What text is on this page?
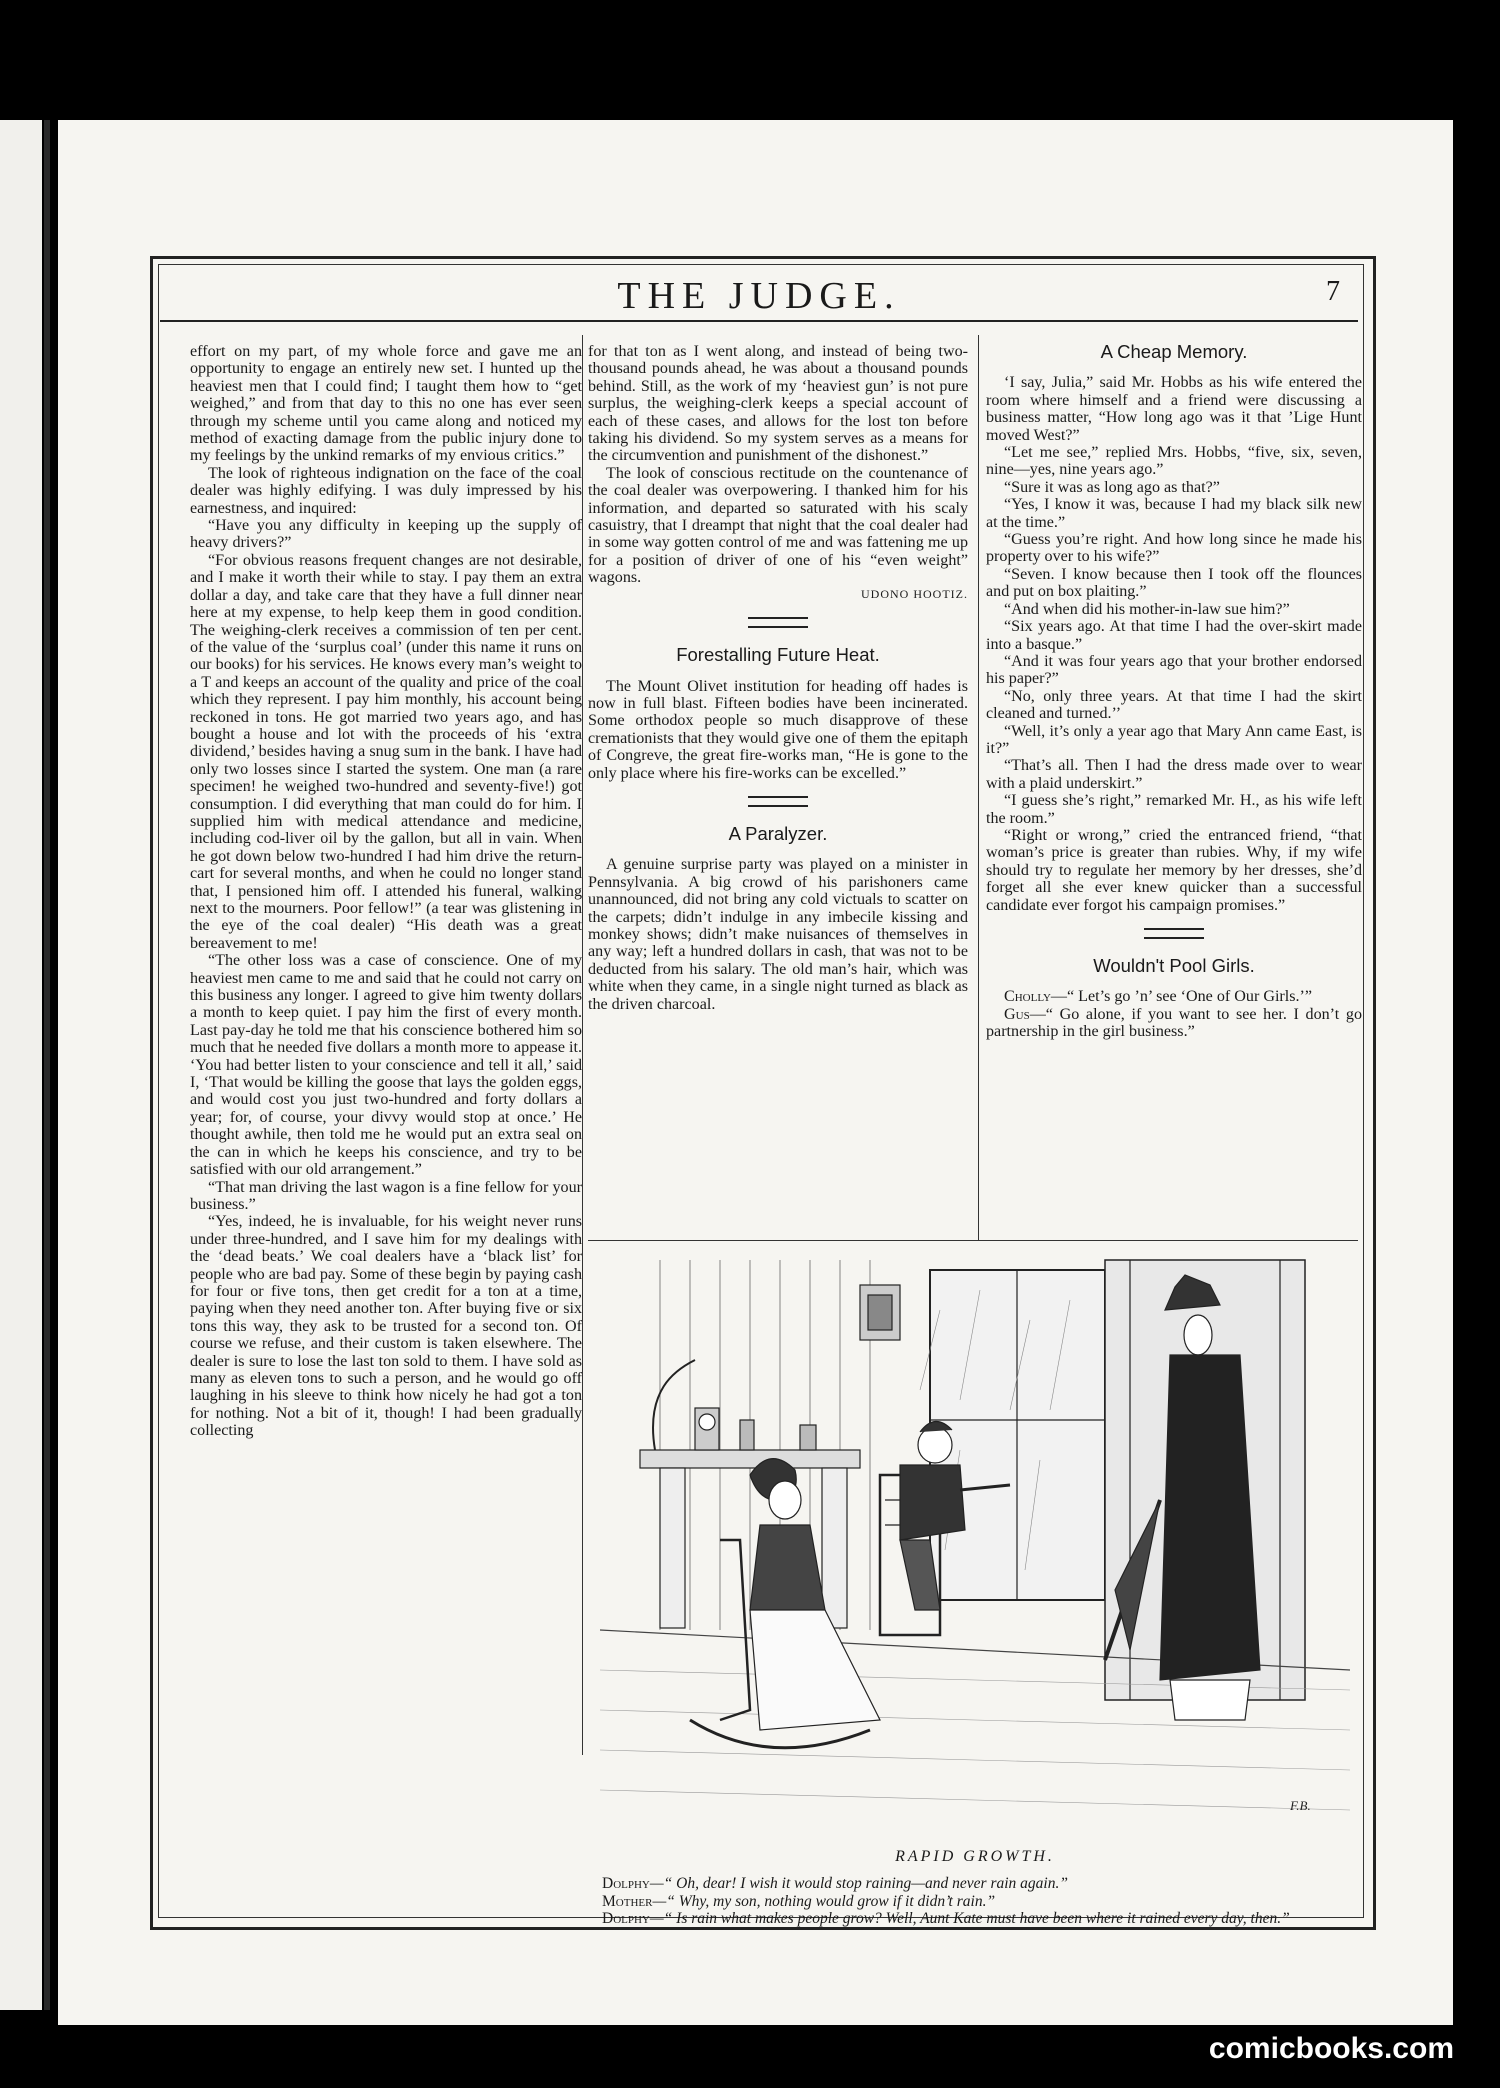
THE JUDGE.	7

effort on my part, of my whole force and gave me an opportunity to engage an entirely new set. I hunted up the heaviest men that I could find; I taught them how to “get weighed,” and from that day to this no one has ever seen through my scheme until you came along and noticed my method of exacting damage from the public injury done to my feelings by the unkind remarks of my envious critics.”

The look of righteous indignation on the face of the coal dealer was highly edifying. I was duly impressed by his earnestness, and inquired:

“Have you any difficulty in keeping up the supply of heavy drivers?”

“For obvious reasons frequent changes are not desirable, and I make it worth their while to stay. I pay them an extra dollar a day, and take care that they have a full dinner near here at my expense, to help keep them in good condition. The weighing-clerk receives a commission of ten per cent. of the value of the ‘surplus coal’ (under this name it runs on our books) for his services. He knows every man’s weight to a T and keeps an account of the quality and price of the coal which they represent. I pay him monthly, his account being reckoned in tons. He got married two years ago, and has bought a house and lot with the proceeds of his ‘extra dividend,’ besides having a snug sum in the bank. I have had only two losses since I started the system. One man (a rare specimen! he weighed two-hundred and seventy-five!) got consumption. I did everything that man could do for him. I supplied him with medical attendance and medicine, including cod-liver oil by the gallon, but all in vain. When he got down below two-hundred I had him drive the return-cart for several months, and when he could no longer stand that, I pensioned him off. I attended his funeral, walking next to the mourners. Poor fellow!” (a tear was glistening in the eye of the coal dealer) “His death was a great bereavement to me!

“The other loss was a case of conscience. One of my heaviest men came to me and said that he could not carry on this business any longer. I agreed to give him twenty dollars a month to keep quiet. I pay him the first of every month. Last pay-day he told me that his conscience bothered him so much that he needed five dollars a month more to appease it. ‘You had better listen to your conscience and tell it all,’ said I, ‘That would be killing the goose that lays the golden eggs, and would cost you just two-hundred and forty dollars a year; for, of course, your divvy would stop at once.’ He thought awhile, then told me he would put an extra seal on the can in which he keeps his conscience, and try to be satisfied with our old arrangement.”

“That man driving the last wagon is a fine fellow for your business.”

“Yes, indeed, he is invaluable, for his weight never runs under three-hundred, and I save him for my dealings with the ‘dead beats.’ We coal dealers have a ‘black list’ for people who are bad pay. Some of these begin by paying cash for four or five tons, then get credit for a ton at a time, paying when they need another ton. After buying five or six tons this way, they ask to be trusted for a second ton. Of course we refuse, and their custom is taken elsewhere. The dealer is sure to lose the last ton sold to them. I have sold as many as eleven tons to such a person, and he would go off laughing in his sleeve to think how nicely he had got a ton for nothing. Not a bit of it, though! I had been gradually collecting

for that ton as I went along, and instead of being two-thousand pounds ahead, he was about a thousand pounds behind. Still, as the work of my ‘heaviest gun’ is not pure surplus, the weighing-clerk keeps a special account of each of these cases, and allows for the lost ton before taking his dividend. So my system serves as a means for the circumvention and punishment of the dishonest.”

The look of conscious rectitude on the countenance of the coal dealer was overpowering. I thanked him for his information, and departed so saturated with his scaly casuistry, that I dreampt that night that the coal dealer had in some way gotten control of me and was fattening me up for a position of driver of one of his “even weight” wagons.

UDONO HOOTIZ.

Forestalling Future Heat.

The Mount Olivet institution for heading off hades is now in full blast. Fifteen bodies have been incinerated. Some orthodox people so much disapprove of these cremationists that they would give one of them the epitaph of Congreve, the great fire-works man, “He is gone to the only place where his fire-works can be excelled.”

A Paralyzer.

A genuine surprise party was played on a minister in Pennsylvania. A big crowd of his parishoners came unannounced, did not bring any cold victuals to scatter on the carpets; didn’t indulge in any imbecile kissing and monkey shows; didn’t make nuisances of themselves in any way; left a hundred dollars in cash, that was not to be deducted from his salary. The old man’s hair, which was white when they came, in a single night turned as black as the driven charcoal.

A Cheap Memory.

‘I say, Julia,” said Mr. Hobbs as his wife entered the room where himself and a friend were discussing a business matter, “How long ago was it that ’Lige Hunt moved West?”

“Let me see,” replied Mrs. Hobbs, “five, six, seven, nine—yes, nine years ago.”

“Sure it was as long ago as that?”

“Yes, I know it was, because I had my black silk new at the time.”

“Guess you’re right. And how long since he made his property over to his wife?”

“Seven. I know because then I took off the flounces and put on box plaiting.”

“And when did his mother-in-law sue him?”

“Six years ago. At that time I had the over-skirt made into a basque.”

“And it was four years ago that your brother endorsed his paper?”

“No, only three years. At that time I had the skirt cleaned and turned.’’

“Well, it’s only a year ago that Mary Ann came East, is it?”

“That’s all. Then I had the dress made over to wear with a plaid underskirt.”

“I guess she’s right,” remarked Mr. H., as his wife left the room.”

“Right or wrong,” cried the entranced friend, “that woman’s price is greater than rubies. Why, if my wife should try to regulate her memory by her dresses, she’d forget all she ever knew quicker than a successful candidate ever forgot his campaign promises.”

Wouldn't Pool Girls.

Cholly—“ Let’s go ’n’ see ‘One of Our Girls.’”

Gus—“ Go alone, if you want to see her. I don’t go partnership in the girl business.”

F.B.
RAPID GROWTH.

Dolphy—“ Oh, dear! I wish it would stop raining—and never rain again.”

Mother—“ Why, my son, nothing would grow if it didn’t rain.”

Dolphy—“ Is rain what makes people grow? Well, Aunt Kate must have been where it rained every day, then.”

comicbooks.com
